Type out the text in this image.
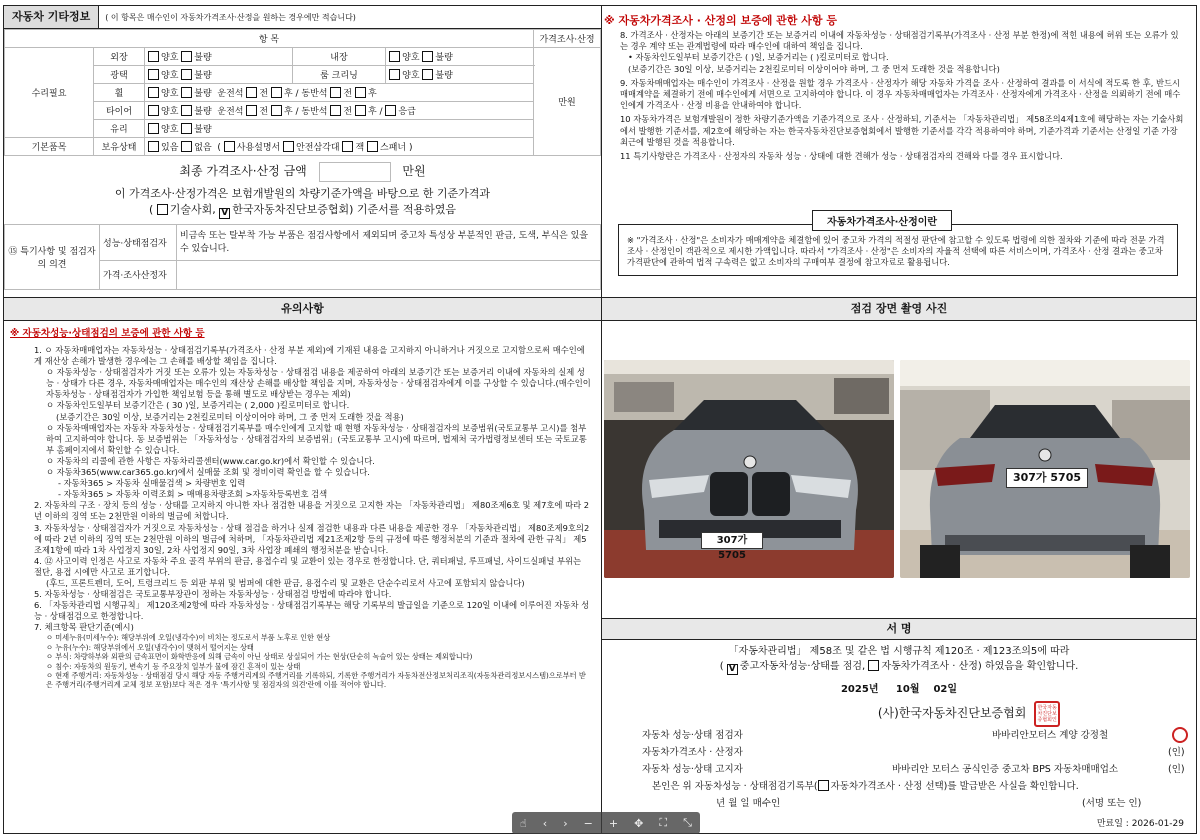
자동차 기타정보	( 이 항목은 매수인이 자동차가격조사·산정을 원하는 경우에만 적습니다)
항 목					가격조사·산정
수리필요	외장	양호 불량	내장	양호 불량	만원
	광택	양호 불량	룸 크리닝	양호 불량	
	휠	양호 불량 운전석 전 후 / 동반석 전 후			
	타이어	양호 불량 운전석 전 후 / 동반석 전 후 / 응급			
	유리	양호 불량			
기본품목	보유상태	있음 없음  ( 사용설명서 안전삼각대 잭 스패너 )			
최종 가격조사·산정 금액	만원
이 가격조사·산정가격은 보험개발원의 차량기준가액을 바탕으로 한 기준가격과
( 기술사회, V 한국자동차진단보증협회) 기준서를 적용하였음
⑮ 특기사항 및 점검자의 의견	성능·상태점검자	비금속 또는 탈부착 가능 부품은 점검사항에서 제외되며 중고차 특성상 부분적인 판금, 도색, 부식은 있을 수 있습니다.
	가격·조사산정자	
※ 자동차가격조사 · 산정의 보증에 관한 사항 등
8. 가격조사 · 산정자는 아래의 보증기간 또는 보증거리 이내에 자동차성능 · 상태점검기록부(가격조사 · 산정 부분 한정)에 적힌 내용에 허위 또는 오류가 있는 경우 계약 또는 관계법령에 따라 매수인에 대하여 책임을 집니다.
• 자동차인도일부터 보증기간은 ( )일, 보증거리는 ( )킬로미터로 합니다.
(보증기간은 30일 이상, 보증거리는 2천킬로미터 이상이어야 하며, 그 중 먼저 도래한 것을 적용합니다)
9. 자동차매매업자는 매수인이 가격조사 · 산정을 원할 경우 가격조사 · 산정자가 해당 자동차 가격을 조사 · 산정하여 결과를 이 서식에 적도록 한 후, 반드시 매매계약을 체결하기 전에 매수인에게 서면으로 고지하여야 합니다. 이 경우 자동차매매업자는 가격조사 · 산정자에게 가격조사 · 산정을 의뢰하기 전에 매수인에게 가격조사 · 산정 비용을 안내하여야 합니다.
10 자동차가격은 보험개발원이 정한 차량기준가액을 기준가격으로 조사 · 산정하되, 기준서는 「자동차관리법」 제58조의4제1호에 해당하는 자는 기술사회에서 발행한 기준서를, 제2호에 해당하는 자는 한국자동차진단보증협회에서 발행한 기준서를 각각 적용하여야 하며, 기준가격과 기준서는 산정일 기준 가장 최근에 발행된 것을 적용합니다.
11 특기사항란은 가격조사 · 산정자의 자동차 성능 · 상태에 대한 견해가 성능 · 상태점검자의 견해와 다를 경우 표시합니다.
자동차가격조사·산정이란
※ "가격조사 · 산정"은 소비자가 매매계약을 체결함에 있어 중고차 가격의 적절성 판단에 참고할 수 있도록 법령에 의한 절차와 기준에 따라 전문 가격조사 · 산정인이 객관적으로 제시한 가액입니다. 따라서 "가격조사 · 산정"은 소비자의 자율적 선택에 따른 서비스이며, 가격조사 · 산정 결과는 중고차 가격판단에 관하여 법적 구속력은 없고 소비자의 구매여부 결정에 참고자료로 활용됩니다.
유의사항
※ 자동차성능·상태점검의 보증에 관한 사항 등
1. ㅇ 자동차매매업자는 자동차성능 · 상태점검기록부(가격조사 · 산정 부분 제외)에 기재된 내용을 고지하지 아니하거나 거짓으로 고지함으로써 매수인에게 재산상 손해가 발생한 경우에는 그 손해를 배상할 책임을 집니다.
ㅇ 자동차성능 · 상태점검자가 거짓 또는 오류가 있는 자동차성능 · 상태점검 내용을 제공하여 아래의 보증기간 또는 보증거리 이내에 자동차의 실제 성능 · 상태가 다른 경우, 자동차매매업자는 매수인의 재산상 손해를 배상할 책임을 지며, 자동차성능 · 상태점검자에게 이를 구상할 수 있습니다.(매수인이 자동차성능 · 상태점검자가 가입한 책임보험 등을 통해 별도로 배상받는 경우는 제외)
ㅇ 자동차인도일부터 보증기간은 ( 30 )일, 보증거리는 ( 2,000 )킬로미터로 합니다.
(보증기간은 30일 이상, 보증거리는 2천킬로미터 이상이어야 하며, 그 중 먼저 도래한 것을 적용)
ㅇ 자동차매매업자는 자동차 자동차성능 · 상태점검기록부를 매수인에게 고지할 때 현행 자동차성능 · 상태점검자의 보증범위(국토교통부 고시)를 첨부하여 고지하여야 합니다. 동 보증범위는 「자동차성능 · 상태점검자의 보증범위」(국토교통부 고시)에 따르며, 법제처 국가법령정보센터 또는 국토교통부 홈페이지에서 확인할 수 있습니다.
ㅇ 자동차의 리콜에 관한 사항은 자동차리콜센터(www.car.go.kr)에서 확인할 수 있습니다.
ㅇ 자동차365(www.car365.go.kr)에서 실매물 조회 및 정비이력 확인을 할 수 있습니다.
- 자동차365 > 자동차 실매물검색 > 차량번호 입력
- 자동차365 > 자동차 이력조회 > 매매용차량조회 >자동차등록번호 검색
2. 자동차의 구조 · 장치 등의 성능 · 상태를 고지하지 아니한 자나 점검한 내용을 거짓으로 고지한 자는 「자동차관리법」 제80조제6호 및 제7호에 따라 2년 이하의 징역 또는 2천만원 이하의 벌금에 처합니다.
3. 자동차성능 · 상태점검자가 거짓으로 자동차성능 · 상태 점검을 하거나 실제 점검한 내용과 다른 내용을 제공한 경우 「자동차관리법」 제80조제9호의2에 따라 2년 이하의 징역 또는 2천만원 이하의 벌금에 처하며, 「자동차관리법 제21조제2항 등의 규정에 따른 행정처분의 기준과 절차에 관한 규칙」 제5조제1항에 따라 1차 사업정지 30일, 2차 사업정지 90일, 3차 사업장 폐쇄의 행정처분을 받습니다.
4. ⑫ 사고이력 인정은 사고로 자동차 주요 골격 부위의 판금, 용접수리 및 교환이 있는 경우로 한정합니다. 단, 쿼터패널, 루프패널, 사이드실패널 부위는 절단, 용접 시에만 사고로 표기합니다.
(후드, 프론트펜더, 도어, 트렁크리드 등 외판 부위 및 범퍼에 대한 판금, 용접수리 및 교환은 단순수리로서 사고에 포함되지 않습니다)
5. 자동차성능 · 상태점검은 국토교통부장관이 정하는 자동차성능 · 상태점검 방법에 따라야 합니다.
6. 「자동차관리법 시행규칙」 제120조제2항에 따라 자동차성능 · 상태점검기록부는 해당 기록부의 발급일을 기준으로 120일 이내에 이루어진 자동차 성능 · 상태점검으로 한정합니다.
7. 체크항목 판단기준(예시)
ㅇ 미세누유(미세누수): 해당부위에 오일(냉각수)이 비치는 정도로서 부품 노후로 인한 현상
ㅇ 누유(누수): 해당부위에서 오일(냉각수)이 맺혀서 떨어지는 상태
ㅇ 부식: 차량하부와 외판의 금속표면이 화학반응에 의해 금속이 아닌 상태로 상실되어 가는 현상(단순히 녹슬어 있는 상태는 제외합니다)
ㅇ 침수: 자동차의 원동기, 변속기 등 주요장치 일부가 물에 잠긴 흔적이 있는 상태
ㅇ 현재 주행거리: 자동차성능 · 상태점검 당시 해당 자동 주행거리계의 주행거리를 기록하되, 기록한 주행거리가 자동차전산정보처리조직(자동차관리정보시스템)으로부터 받은 주행거리(주행거리계 교체 정보 포함)보다 적은 경우 '특기사항 및 점검자의 의견'란에 이를 적어야 합니다.
점검 장면 촬영 사진
307가 5705
307가 5705
서 명
「자동차관리법」 제58조 및 같은 법 시행규칙 제120조 · 제123조의5에 따라
( V 중고자동차성능·상태를 점검, 자동차가격조사 · 산정) 하였음을 확인합니다.
2025년 10월 02일
(사)한국자동차진단보증협회 한국자동차진단보증협회인
자동차 성능·상태 점검자	바바리안모터스 계양 강정철
자동차가격조사 · 산정자	(인)
자동차 성능·상태 고지자	바바리안 모터스 공식인증 중고차 BPS 자동차매매업소	(인)
본인은 위 자동차성능 · 상태점검기록부( 자동차가격조사 · 산정 선택)를 발급받은 사실을 확인합니다.
년 월 일 매수인	(서명 또는 인)
만료일 : 2026-01-29
☝ ‹ › − + ✥ ⛶ ⤡
